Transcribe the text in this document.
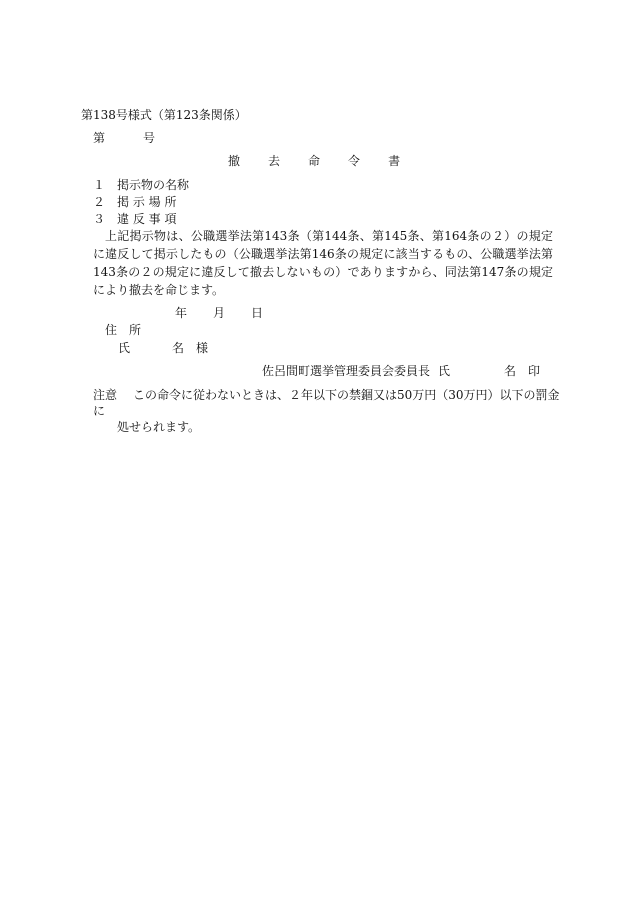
第138号様式（第123条関係）
第	号
撤 去 命 令 書
１ 掲示物の名称
２ 掲 示 場 所
３ 違 反 事 項
上記掲示物は、公職選挙法第143条（第144条、第145条、第164条の２）の規定に違反して掲示したもの（公職選挙法第146条の規定に該当するもの、公職選挙法第143条の２の規定に違反して撤去しないもの）でありますから、同法第147条の規定により撤去を命じます。
年 月 日
住　所
氏	名　様
佐呂間町選挙管理委員会委員長 氏	名 印
注意 この命令に従わないときは、２年以下の禁錮又は50万円（30万円）以下の罰金に
処せられます。
